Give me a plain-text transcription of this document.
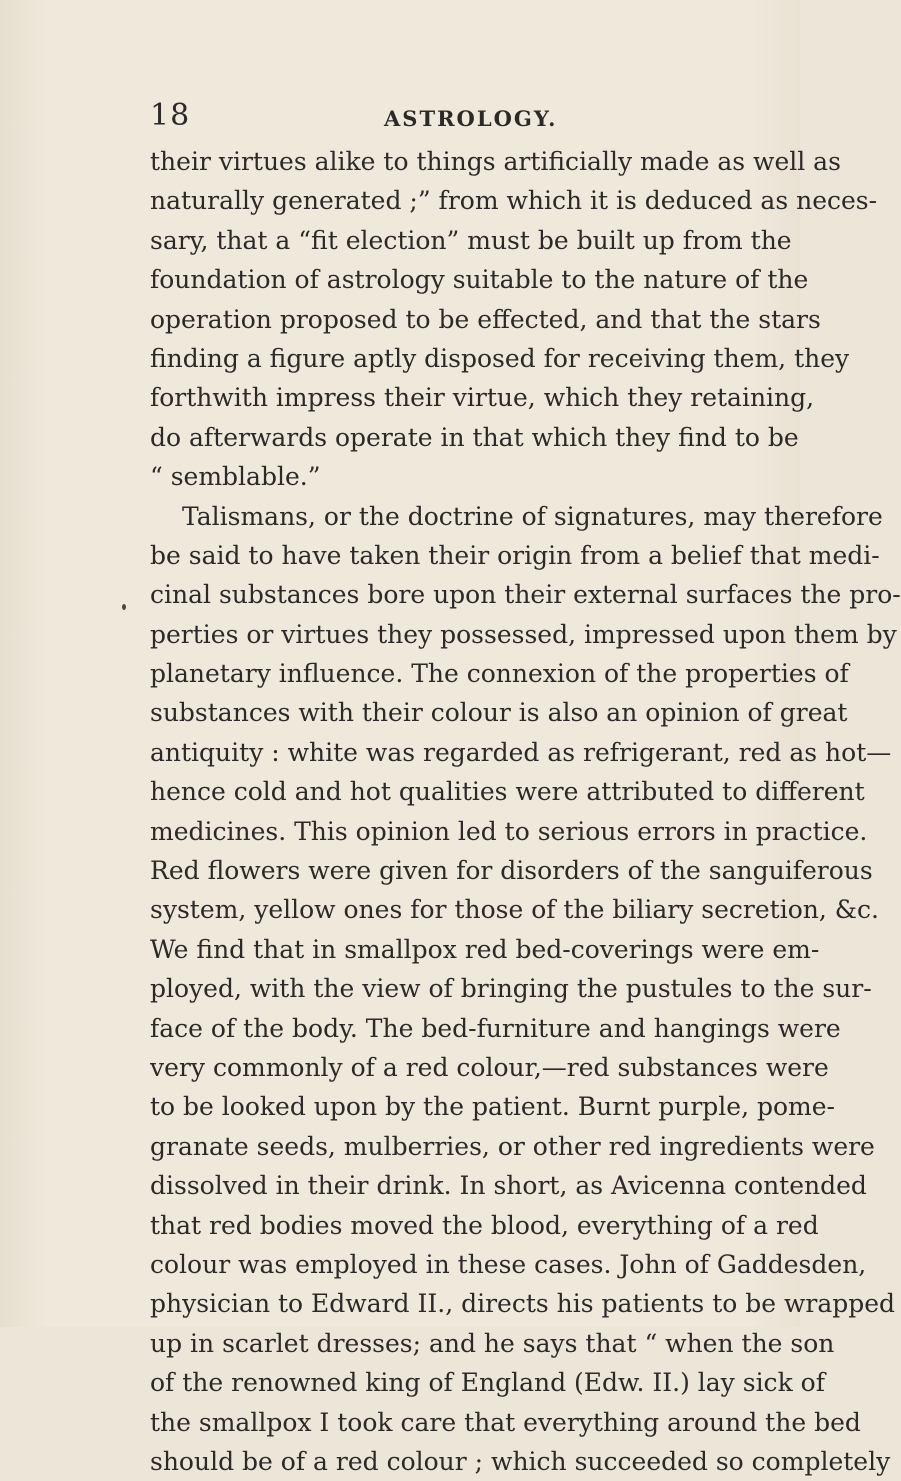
18	ASTROLOGY.
their virtues alike to things artificially made as well as
naturally generated ;” from which it is deduced as neces-
sary, that a “fit election” must be built up from the
foundation of astrology suitable to the nature of the
operation proposed to be effected, and that the stars
finding a figure aptly disposed for receiving them, they
forthwith impress their virtue, which they retaining,
do afterwards operate in that which they find to be
“ semblable.”
Talismans, or the doctrine of signatures, may therefore
be said to have taken their origin from a belief that medi-
cinal substances bore upon their external surfaces the pro-
perties or virtues they possessed, impressed upon them by
planetary influence. The connexion of the properties of
substances with their colour is also an opinion of great
antiquity : white was regarded as refrigerant, red as hot—
hence cold and hot qualities were attributed to different
medicines. This opinion led to serious errors in practice.
Red flowers were given for disorders of the sanguiferous
system, yellow ones for those of the biliary secretion, &c.
We find that in smallpox red bed-coverings were em-
ployed, with the view of bringing the pustules to the sur-
face of the body. The bed-furniture and hangings were
very commonly of a red colour,—red substances were
to be looked upon by the patient. Burnt purple, pome-
granate seeds, mulberries, or other red ingredients were
dissolved in their drink. In short, as Avicenna contended
that red bodies moved the blood, everything of a red
colour was employed in these cases. John of Gaddesden,
physician to Edward II., directs his patients to be wrapped
up in scarlet dresses; and he says that “ when the son
of the renowned king of England (Edw. II.) lay sick of
the smallpox I took care that everything around the bed
should be of a red colour ; which succeeded so completely
